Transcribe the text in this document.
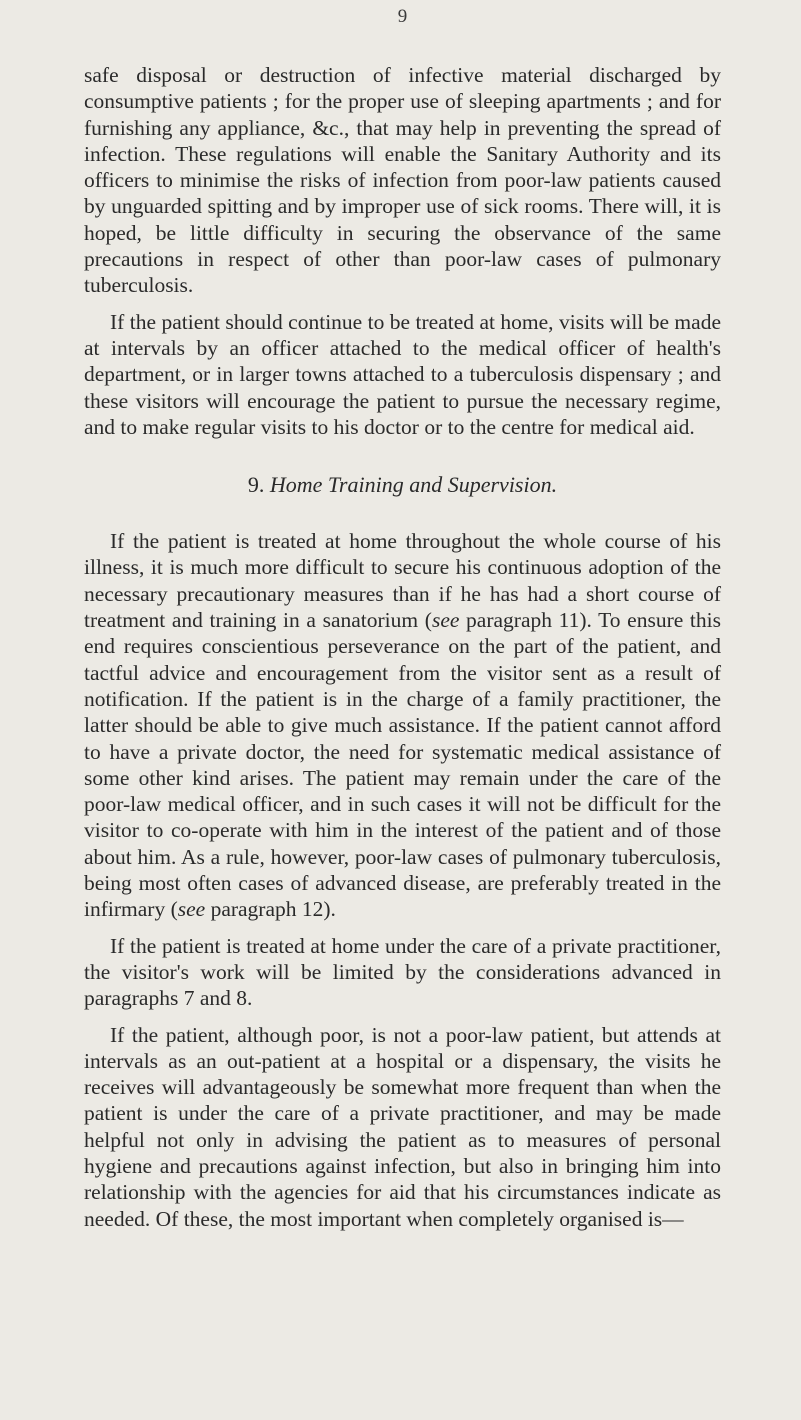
9

safe disposal or destruction of infective material discharged by consumptive patients ; for the proper use of sleeping apartments ; and for furnishing any appliance, &c., that may help in preventing the spread of infection. These regulations will enable the Sanitary Authority and its officers to minimise the risks of infection from poor-law patients caused by unguarded spitting and by improper use of sick rooms. There will, it is hoped, be little difficulty in securing the observance of the same precautions in respect of other than poor-law cases of pulmonary tuberculosis.

If the patient should continue to be treated at home, visits will be made at intervals by an officer attached to the medical officer of health's department, or in larger towns attached to a tuberculosis dispensary ; and these visitors will encourage the patient to pursue the necessary regime, and to make regular visits to his doctor or to the centre for medical aid.

9. Home Training and Supervision.

If the patient is treated at home throughout the whole course of his illness, it is much more difficult to secure his continuous adoption of the necessary precautionary measures than if he has had a short course of treatment and training in a sanatorium (see paragraph 11). To ensure this end requires conscientious perseverance on the part of the patient, and tactful advice and encouragement from the visitor sent as a result of notification. If the patient is in the charge of a family practitioner, the latter should be able to give much assistance. If the patient cannot afford to have a private doctor, the need for systematic medical assistance of some other kind arises. The patient may remain under the care of the poor-law medical officer, and in such cases it will not be difficult for the visitor to co-operate with him in the interest of the patient and of those about him. As a rule, however, poor-law cases of pulmonary tuberculosis, being most often cases of advanced disease, are preferably treated in the infirmary (see paragraph 12).

If the patient is treated at home under the care of a private practitioner, the visitor's work will be limited by the considerations advanced in paragraphs 7 and 8.

If the patient, although poor, is not a poor-law patient, but attends at intervals as an out-patient at a hospital or a dispensary, the visits he receives will advantageously be somewhat more frequent than when the patient is under the care of a private practitioner, and may be made helpful not only in advising the patient as to measures of personal hygiene and precautions against infection, but also in bringing him into relationship with the agencies for aid that his circumstances indicate as needed. Of these, the most important when completely organised is—
